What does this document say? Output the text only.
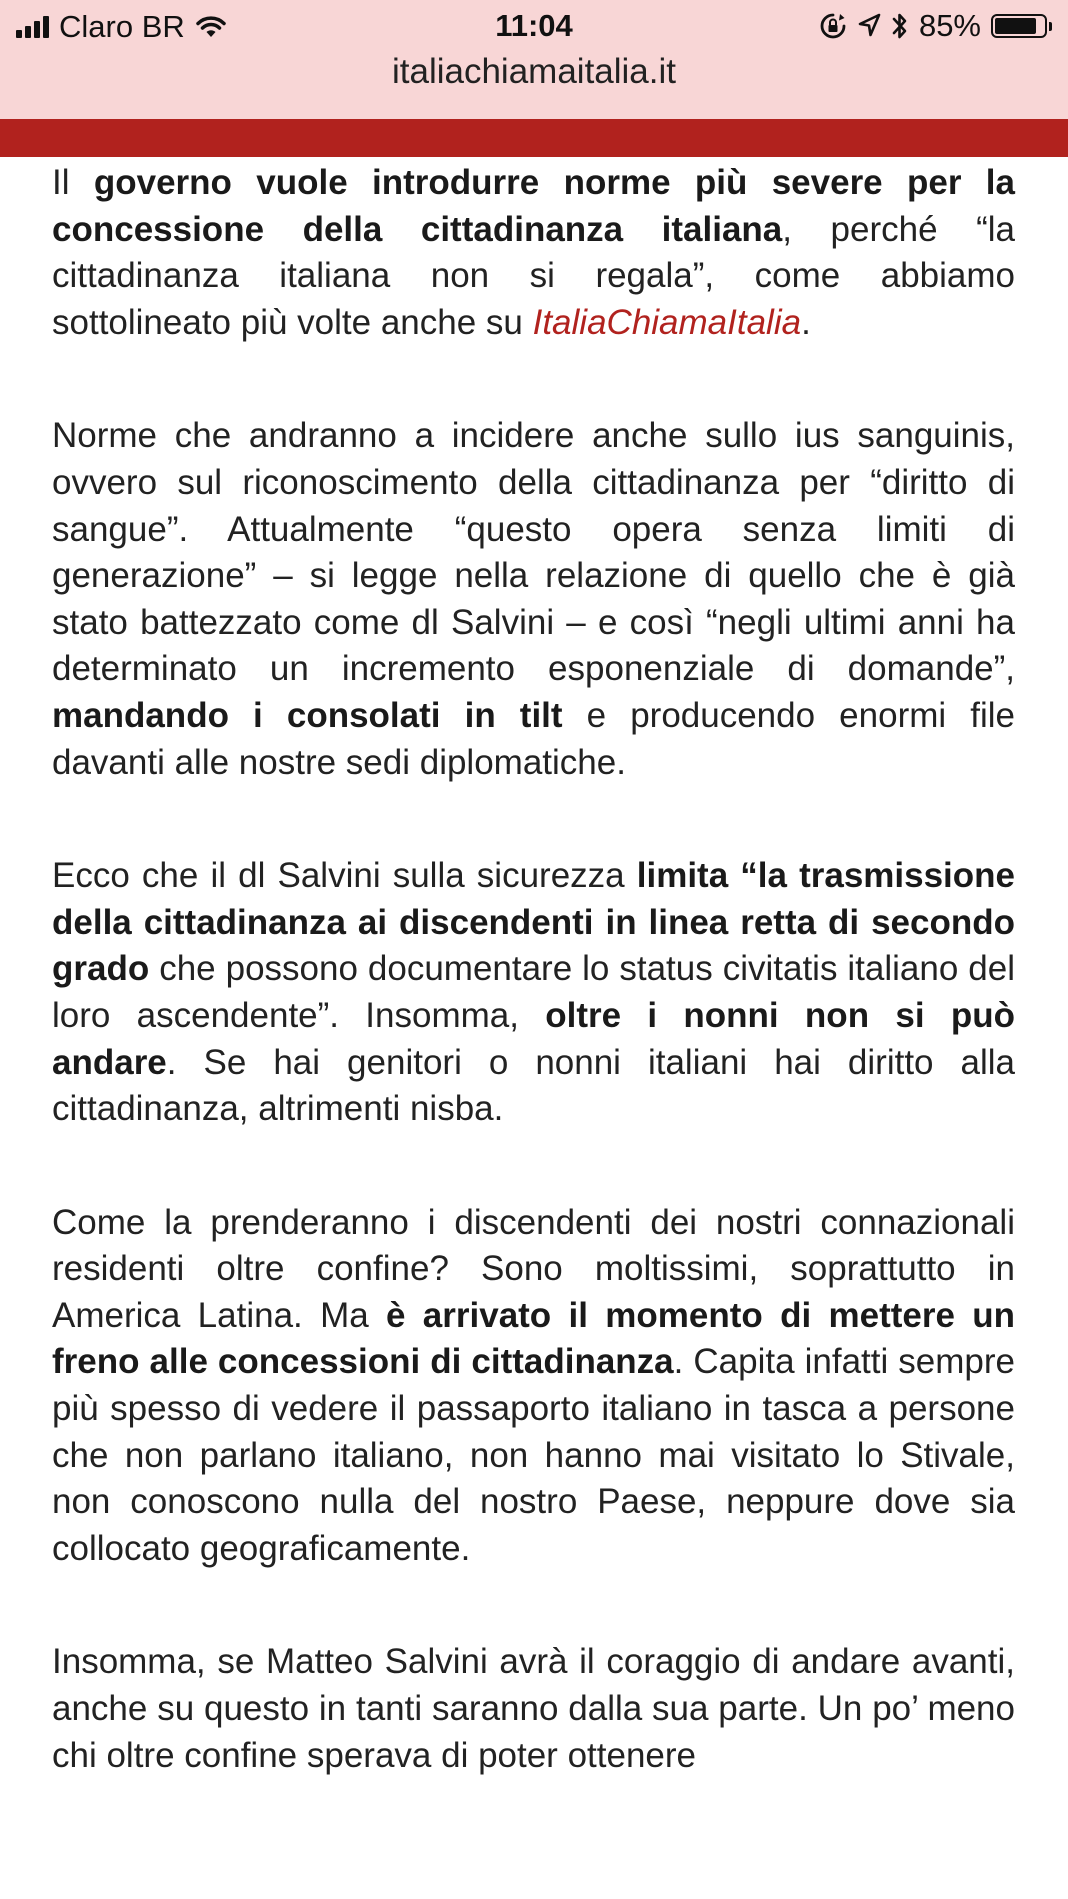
Claro BR	11:04	85%
italiachiamaitalia.it

Il governo vuole introdurre norme più severe per la concessione della cittadinanza italiana, perché “la cittadinanza italiana non si regala”, come abbiamo sottolineato più volte anche su ItaliaChiamaItalia.

Norme che andranno a incidere anche sullo ius sanguinis, ovvero sul riconoscimento della cittadinanza per “diritto di sangue”. Attualmente “questo opera senza limiti di generazione” – si legge nella relazione di quello che è già stato battezzato come dl Salvini – e così “negli ultimi anni ha determinato un incremento esponenziale di domande”, mandando i consolati in tilt e producendo enormi file davanti alle nostre sedi diplomatiche.

Ecco che il dl Salvini sulla sicurezza limita “la trasmissione della cittadinanza ai discendenti in linea retta di secondo grado che possono documentare lo status civitatis italiano del loro ascendente”. Insomma, oltre i nonni non si può andare. Se hai genitori o nonni italiani hai diritto alla cittadinanza, altrimenti nisba.

Come la prenderanno i discendenti dei nostri connazionali residenti oltre confine? Sono moltissimi, soprattutto in America Latina. Ma è arrivato il momento di mettere un freno alle concessioni di cittadinanza. Capita infatti sempre più spesso di vedere il passaporto italiano in tasca a persone che non parlano italiano, non hanno mai visitato lo Stivale, non conoscono nulla del nostro Paese, neppure dove sia collocato geograficamente.

Insomma, se Matteo Salvini avrà il coraggio di andare avanti, anche su questo in tanti saranno dalla sua parte. Un po’ meno chi oltre confine sperava di poter ottenere
